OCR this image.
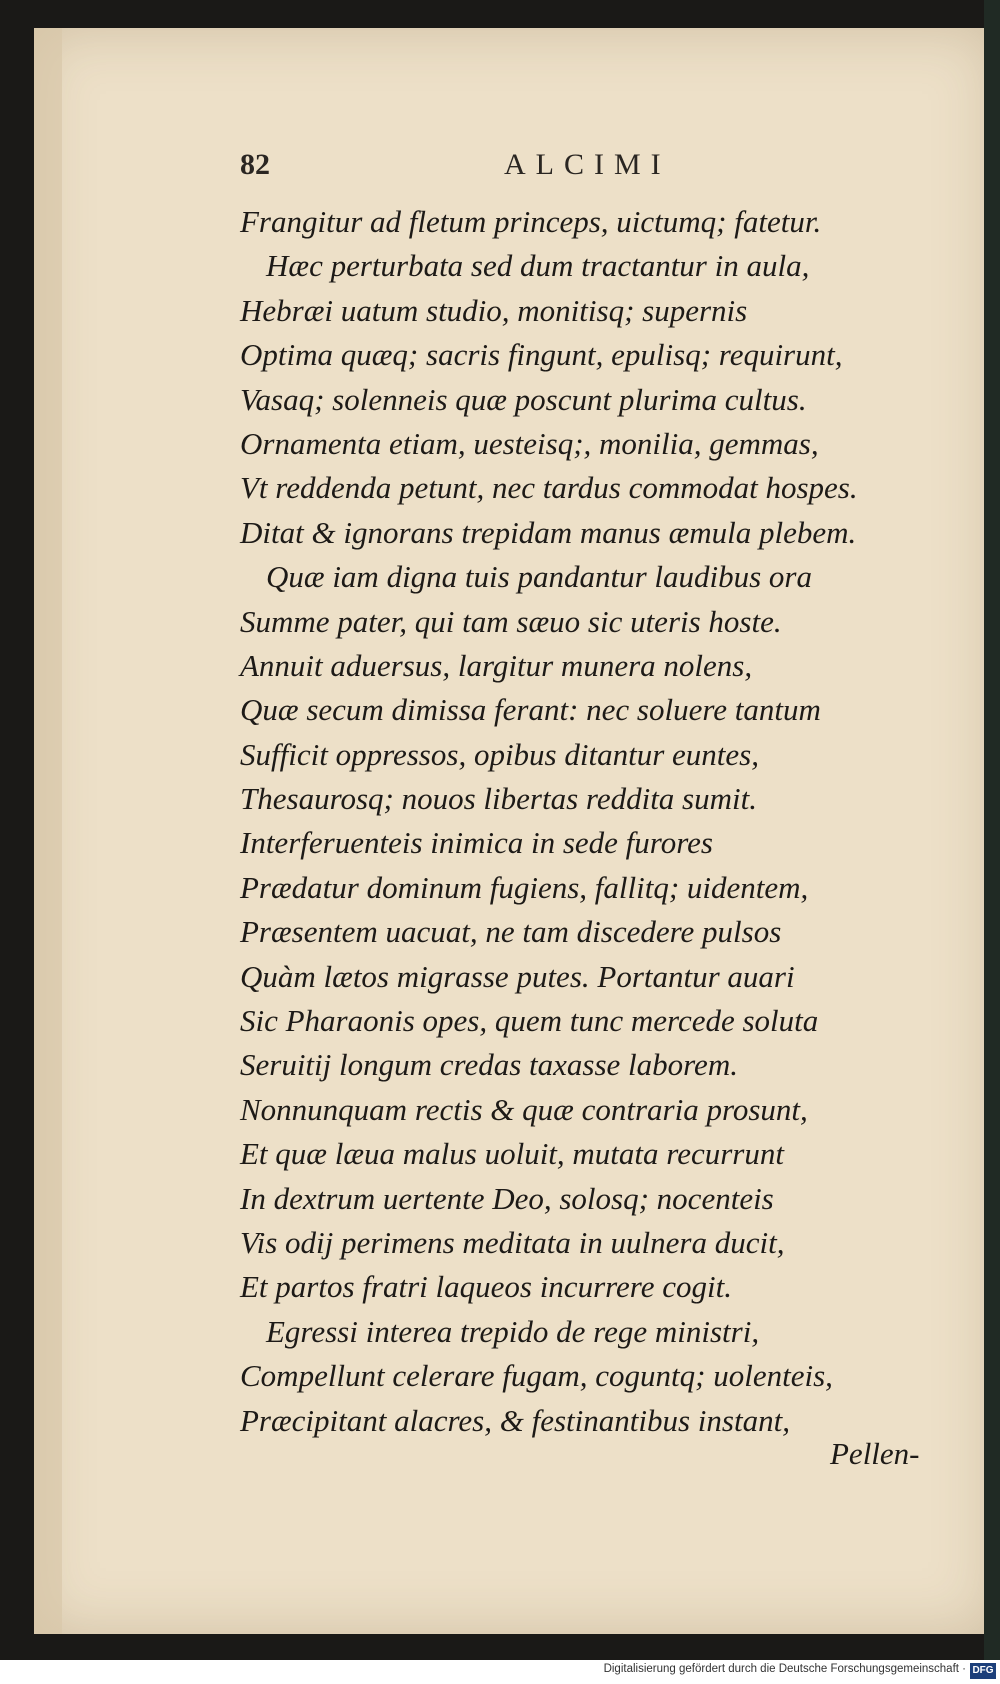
82	ALCIMI
Frangitur ad fletum princeps, uictumq; fatetur.
Hæc perturbata sed dum tractantur in aula,
Hebræi uatum studio, monitisq; supernis
Optima quæq; sacris fingunt, epulisq; requirunt,
Vasaq; solenneis quæ poscunt plurima cultus.
Ornamenta etiam, uesteisq;, monilia, gemmas,
Vt reddenda petunt, nec tardus commodat hospes.
Ditat & ignorans trepidam manus æmula plebem.
Quæ iam digna tuis pandantur laudibus ora
Summe pater, qui tam sæuo sic uteris hoste.
Annuit aduersus, largitur munera nolens,
Quæ secum dimissa ferant: nec soluere tantum
Sufficit oppressos, opibus ditantur euntes,
Thesaurosq; nouos libertas reddita sumit.
Interferuenteis inimica in sede furores
Prædatur dominum fugiens, fallitq; uidentem,
Præsentem uacuat, ne tam discedere pulsos
Quàm lætos migrasse putes. Portantur auari
Sic Pharaonis opes, quem tunc mercede soluta
Seruitij longum credas taxasse laborem.
Nonnunquam rectis & quæ contraria prosunt,
Et quæ læua malus uoluit, mutata recurrunt
In dextrum uertente Deo, solosq; nocenteis
Vis odij perimens meditata in uulnera ducit,
Et partos fratri laqueos incurrere cogit.
Egressi interea trepido de rege ministri,
Compellunt celerare fugam, coguntq; uolenteis,
Præcipitant alacres, & festinantibus instant,
Pellen-
Digitalisierung gefördert durch die Deutsche Forschungsgemeinschaft · DFG
